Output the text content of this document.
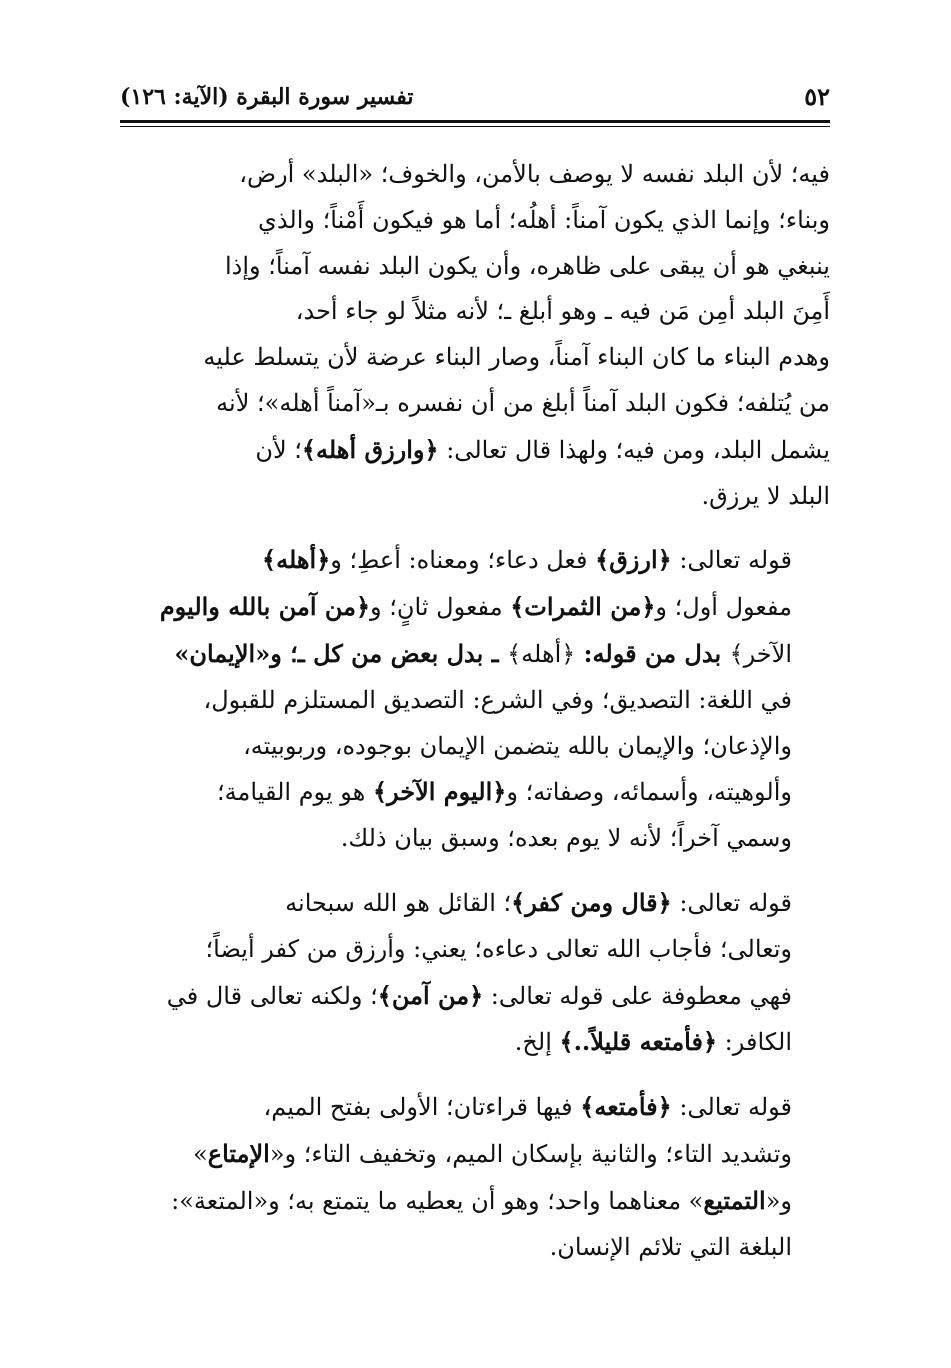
٥٢
تفسير سورة البقرة (الآية: ١٢٦)
فيه؛ لأن البلد نفسه لا يوصف بالأمن، والخوف؛ «البلد» أرض،
وبناء؛ وإنما الذي يكون آمناً: أهلُه؛ أما هو فيكون أَمْناً؛ والذي
ينبغي هو أن يبقى على ظاهره، وأن يكون البلد نفسه آمناً؛ وإذا
أَمِنَ البلد أمِن مَن فيه ـ وهو أبلغ ـ؛ لأنه مثلاً لو جاء أحد،
وهدم البناء ما كان البناء آمناً، وصار البناء عرضة لأن يتسلط عليه
من يُتلفه؛ فكون البلد آمناً أبلغ من أن نفسره بـ«آمناً أهله»؛ لأنه
يشمل البلد، ومن فيه؛ ولهذا قال تعالى: ﴿وارزق أهله﴾؛ لأن
البلد لا يرزق.
قوله تعالى: ﴿ارزق﴾ فعل دعاء؛ ومعناه: أعطِ؛ و﴿أهله﴾
مفعول أول؛ و﴿من الثمرات﴾ مفعول ثانٍ؛ و﴿من آمن بالله واليوم
الآخر﴾ بدل من قوله: ﴿أهله﴾ ـ بدل بعض من كل ـ؛ و«الإيمان»
في اللغة: التصديق؛ وفي الشرع: التصديق المستلزم للقبول،
والإذعان؛ والإيمان بالله يتضمن الإيمان بوجوده، وربوبيته،
وألوهيته، وأسمائه، وصفاته؛ و﴿اليوم الآخر﴾ هو يوم القيامة؛
وسمي آخراً؛ لأنه لا يوم بعده؛ وسبق بيان ذلك.
قوله تعالى: ﴿قال ومن كفر﴾؛ القائل هو الله سبحانه
وتعالى؛ فأجاب الله تعالى دعاءه؛ يعني: وأرزق من كفر أيضاً؛
فهي معطوفة على قوله تعالى: ﴿من آمن﴾؛ ولكنه تعالى قال في
الكافر: ﴿فأمتعه قليلاً..﴾ إلخ.
قوله تعالى: ﴿فأمتعه﴾ فيها قراءتان؛ الأولى بفتح الميم،
وتشديد التاء؛ والثانية بإسكان الميم، وتخفيف التاء؛ و«الإمتاع»
و«التمتيع» معناهما واحد؛ وهو أن يعطيه ما يتمتع به؛ و«المتعة»:
البلغة التي تلائم الإنسان.
